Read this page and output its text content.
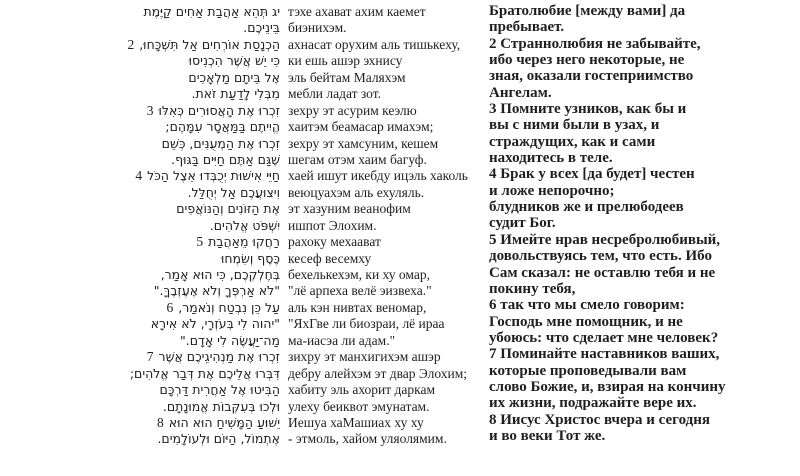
יג תְּהֵא אַהֲבַת אַחִים קַיֶּמֶת тэхе ахават ахим каемет
בֵּינֵיכֶם. биэнихэм.
2 הַכְנָסַת אוֹרְחִים אַל תִּשְׁכָּחוּ, ахнасат орухим аль тишькеху,
כִּי יֵשׁ אֲשֶׁר הִכְנִיסוּ ки ешь ашэр эхнису
אֶל בֵּיתָם מַלְאָכִים эль бейтам Маляхэм
מִבְּלִי לָדַעַת זֹאת. мебли ладат зот.
3 זִכְרוּ אֶת הָאֲסוּרִים כְּאִלּוּ зехру эт асурим кеэлю
הֱיִיתֶם בַּמַּאֲסָר עִמָּהֶם; хаитэм беамасар имахэм;
זִכְרוּ אֶת הַמְעֻנִּים, כְּשֵׁם зехру эт хамсуним, кешем
שֶׁגַּם אַתֶּם חַיִּים בַּגּוּף. шегам отэм хаим багуф.
4 חַיֵּי אִישׁוּת יְכֻבְּדוּ אֵצֶל הַכֹּל хаей ишут икебду ицэль хаколь
וִיצוּעֲכֶם אַל יְחֻלַּל. веюцуахэм аль ехуляль.
אֶת הַזּוֹנִים וְהַנּוֹאֲפִים эт хазуним веанофим
יִשְׁפֹּט אֱלֹהִים. ишпот Элохим.
5 רַחֲקוּ מֵאַהֲבַת рахоку мехаават
כֶּסֶף וְשִׂמְחוּ кесеф весемху
בְּחֶלְקְכֶם, כִּי הוּא אָמַר, бехелькехэм, ки ху омар,
"לֹא אַרְפְּךָ וְלֹא אֶעֶזְבֶךָּ." "лё арпеха велё эизвеха."
6 עַל כֵּן נִבְטַח וְנֹאמַר, аль кэн нивтах веномар,
"יהוה לִי בְּעֹזְרָי, לֹא אִירָא "ЯхГве ли биозраи, лё ираа
מַה־יַּעֲשֶׂה לִי אָדָם." ма-иасэа ли адам."
7 זִכְרוּ אֶת מַנְהִיגֵיכֶם אֲשֶׁר зихру эт манхигихэм ашэр
דִּבְּרוּ אֲלֵיכֶם אֶת דְּבַר אֱלֹהִים; дебру алейхэм эт двар Элохим;
הַבִּיטוּ אֶל אַחֲרִית דַּרְכָּם хабиту эль ахорит даркам
וּלְכוּ בְּעִקְּבוֹת אֱמוּנָתָם. улеху беиквот эмунатам.
8 יֵשׁוּעַ הַמָּשִׁיחַ הוּא הוּא Иешуа хаМашиах ху ху
אֶתְמוֹל, הַיּוֹם וּלְעוֹלָמִים. - этмоль, хайом уляолямим.
Братолюбие [между вами] да
пребывает.
2 Страннолюбия не забывайте,
ибо через него некоторые, не
зная, оказали гостеприимство
Ангелам.
3 Помните узников, как бы и
вы с ними были в узах, и
страждущих, как и сами
находитесь в теле.
4 Брак у всех [да будет] честен
и ложе непорочно;
блудников же и прелюбодеев
судит Бог.
5 Имейте нрав несребролюбивый,
довольствуясь тем, что есть. Ибо
Сам сказал: не оставлю тебя и не
покину тебя,
6 так что мы смело говорим:
Господь мне помощник, и не
убоюсь: что сделает мне человек?
7 Поминайте наставников ваших,
которые проповедывали вам
слово Божие, и, взирая на кончину
их жизни, подражайте вере их.
8 Иисус Христос вчера и сегодня
и во веки Тот же.
